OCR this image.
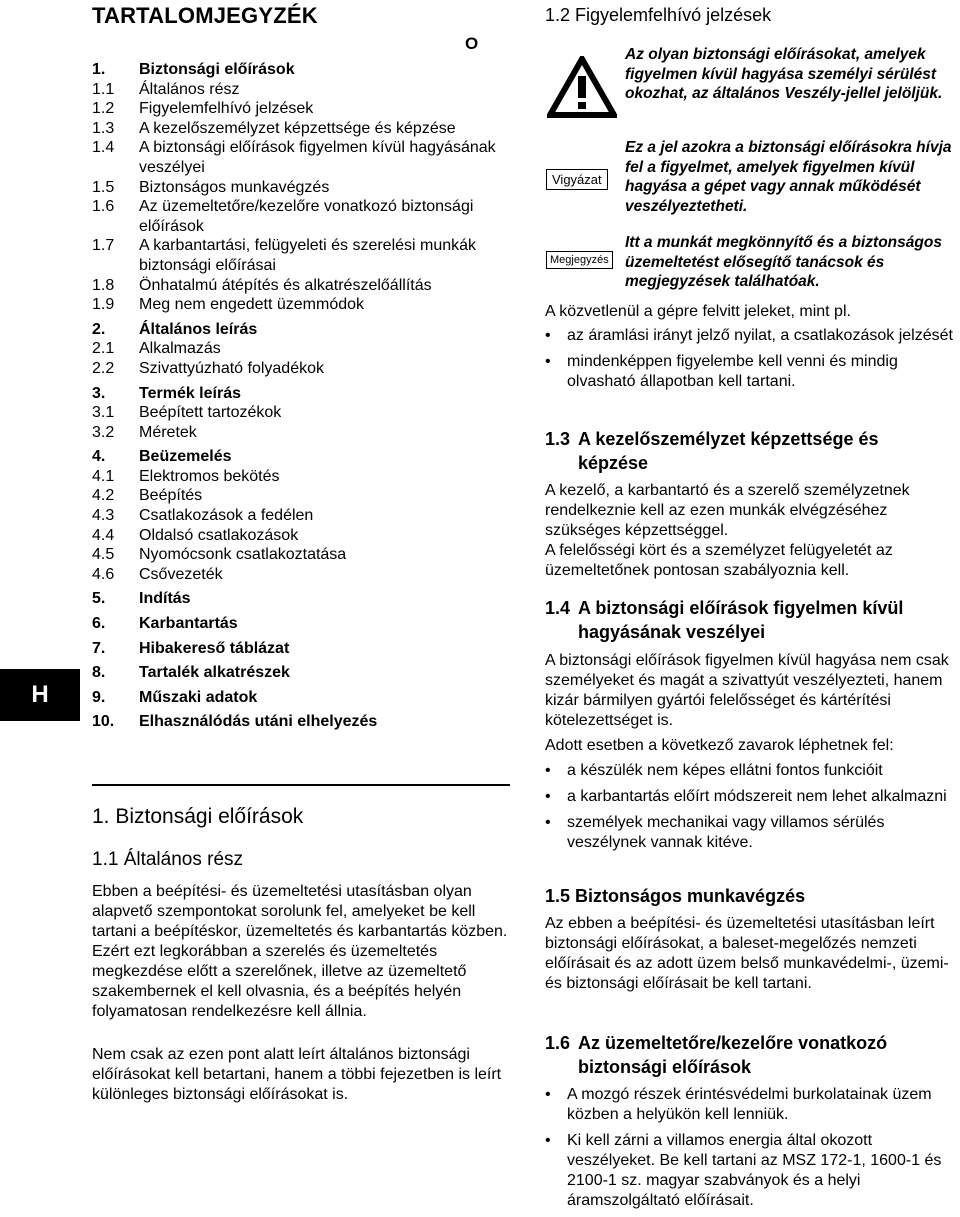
H
TARTALOMJEGYZÉK
O
1.	Biztonsági előírások
1.1	Általános rész
1.2	Figyelemfelhívó jelzések
1.3	A kezelőszemélyzet képzettsége és képzése
1.4	A biztonsági előírások figyelmen kívül hagyásának veszélyei
1.5	Biztonságos munkavégzés
1.6	Az üzemeltetőre/kezelőre vonatkozó biztonsági előírások
1.7	A karbantartási, felügyeleti és szerelési munkák biztonsági előírásai
1.8	Önhatalmú átépítés és alkatrészelőállítás
1.9	Meg nem engedett üzemmódok
2.	Általános leírás
2.1	Alkalmazás
2.2	Szivattyúzható folyadékok
3.	Termék leírás
3.1	Beépített tartozékok
3.2	Méretek
4.	Beüzemelés
4.1	Elektromos bekötés
4.2	Beépítés
4.3	Csatlakozások a fedélen
4.4	Oldalsó csatlakozások
4.5	Nyomócsonk csatlakoztatása
4.6	Csővezeték
5.	Indítás
6.	Karbantartás
7.	Hibakereső táblázat
8.	Tartalék alkatrészek
9.	Műszaki adatok
10.	Elhasználódás utáni elhelyezés
1. Biztonsági előírások
1.1 Általános rész

Ebben a beépítési- és üzemeltetési utasításban olyan alapvető szempontokat sorolunk fel, amelyeket be kell tartani a beépítéskor, üzemeltetés és karbantartás közben. Ezért ezt legkorábban a szerelés és üzemeltetés megkezdése előtt a szerelőnek, illetve az üzemeltető szakembernek el kell olvasnia, és a beépítés helyén folyamatosan rendelkezésre kell állnia.

Nem csak az ezen pont alatt leírt általános biztonsági előírásokat kell betartani, hanem a többi fejezetben is leírt különleges biztonsági előírásokat is.

1.2 Figyelemfelhívó jelzések
Az olyan biztonsági előírásokat, amelyek figyelmen kívül hagyása személyi sérülést okozhat, az általános Veszély-jellel jelöljük.
Vigyázat
Ez a jel azokra a biztonsági előírásokra hívja fel a figyelmet, amelyek figyelmen kívül hagyása a gépet vagy annak működését veszélyeztetheti.
Megjegyzés
Itt a munkát megkönnyítő és a biztonságos üzemeltetést elősegítő tanácsok és megjegyzések találhatóak.

A közvetlenül a gépre felvitt jeleket, mint pl.

• az áramlási irányt jelző nyilat, a csatlakozások jelzését
• mindenképpen figyelembe kell venni és mindig olvasható állapotban kell tartani.
1.3 A kezelőszemélyzet képzettsége és
képzése

A kezelő, a karbantartó és a szerelő személyzetnek rendelkeznie kell az ezen munkák elvégzéséhez szükséges képzettséggel.

A felelősségi kört és a személyzet felügyeletét az üzemeltetőnek pontosan szabályoznia kell.

1.4 A biztonsági előírások figyelmen kívül
hagyásának veszélyei

A biztonsági előírások figyelmen kívül hagyása nem csak személyeket és magát a szivattyút veszélyezteti, hanem kizár bármilyen gyártói felelősséget és kártérítési kötelezettséget is.

Adott esetben a következő zavarok léphetnek fel:

• a készülék nem képes ellátni fontos funkcióit
• a karbantartás előírt módszereit nem lehet alkalmazni
• személyek mechanikai vagy villamos sérülés veszélynek vannak kitéve.
1.5 Biztonságos munkavégzés

Az ebben a beépítési- és üzemeltetési utasításban leírt biztonsági előírásokat, a baleset-megelőzés nemzeti előírásait és az adott üzem belső munkavédelmi-, üzemi- és biztonsági előírásait be kell tartani.

1.6 Az üzemeltetőre/kezelőre vonatkozó
biztonsági előírások
• A mozgó részek érintésvédelmi burkolatainak üzem közben a helyükön kell lenniük.
• Ki kell zárni a villamos energia által okozott veszélyeket. Be kell tartani az MSZ 172-1, 1600-1 és 2100-1 sz. magyar szabványok és a helyi áramszolgáltató előírásait.
